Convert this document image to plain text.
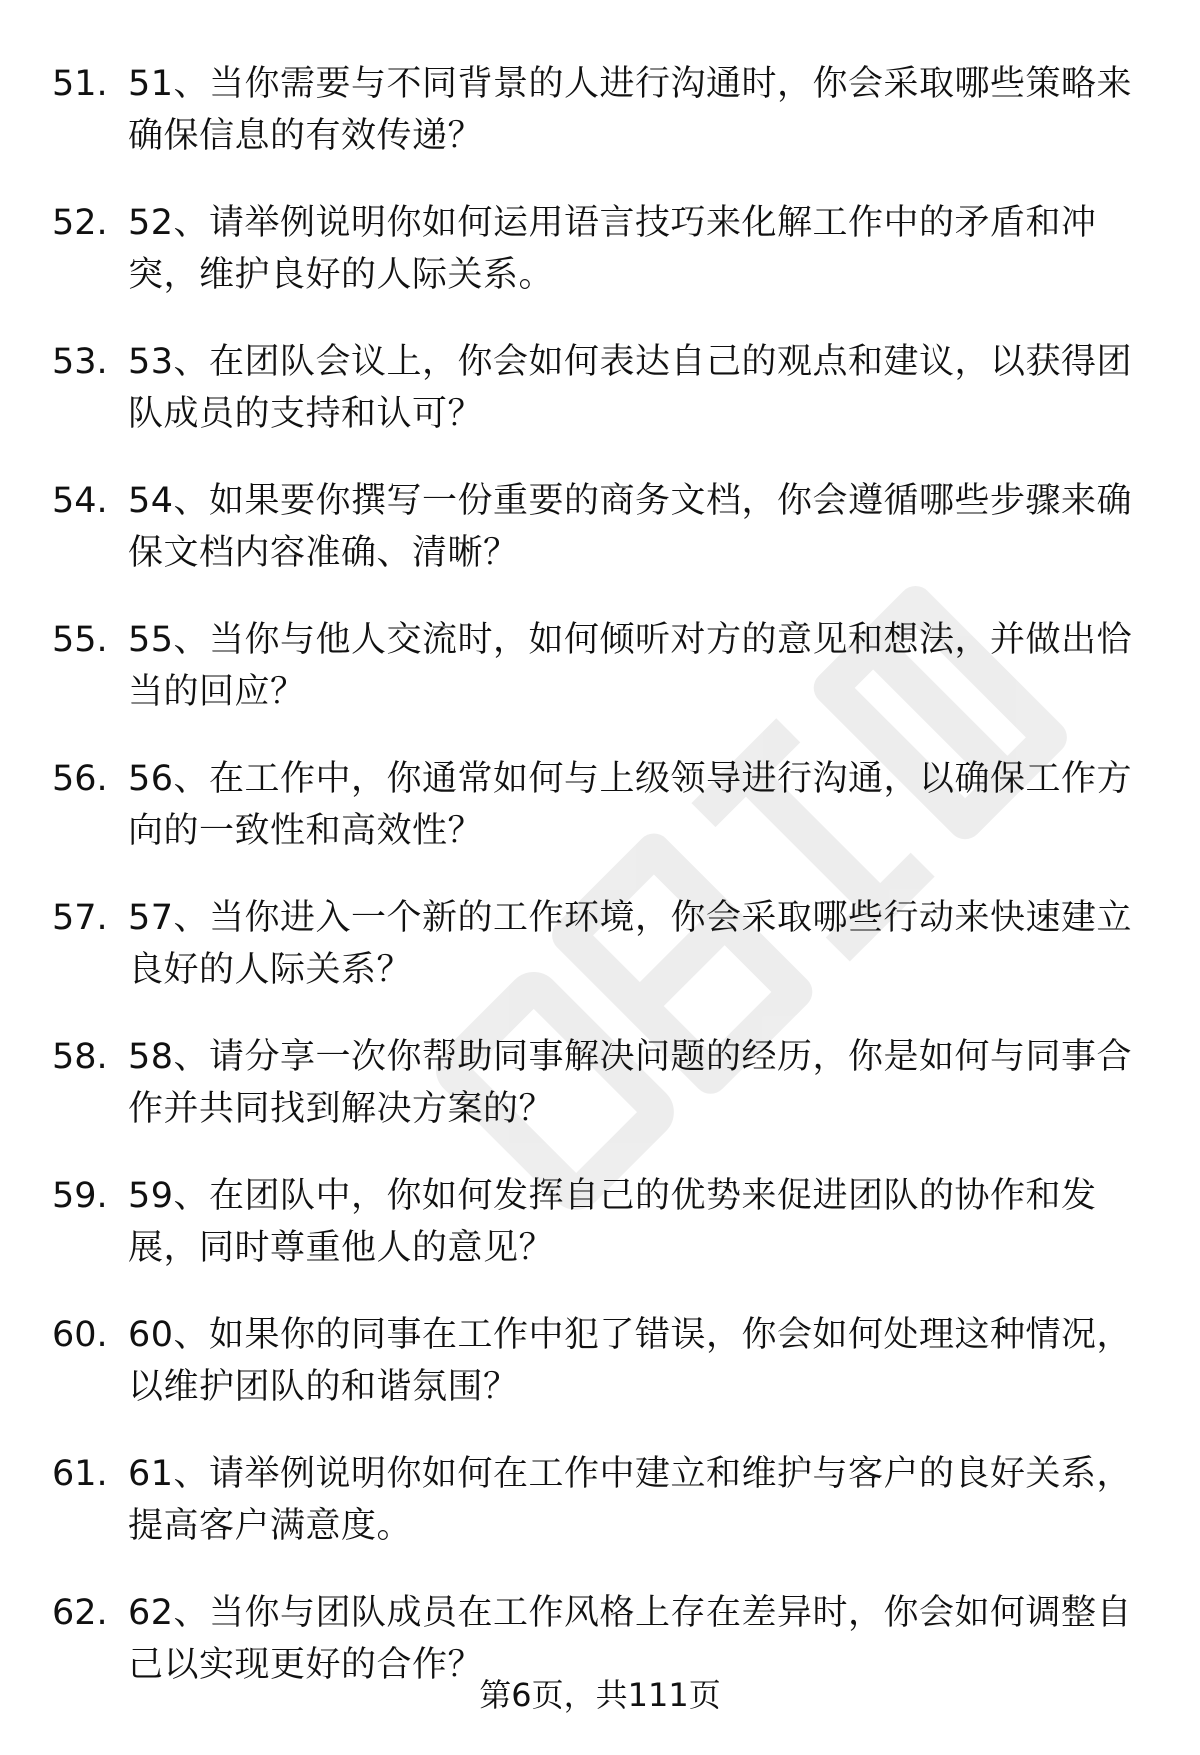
51. 51、当你需要与不同背景的人进行沟通时，你会采取哪些策略来确保信息的有效传递？
52. 52、请举例说明你如何运用语言技巧来化解工作中的矛盾和冲突，维护良好的人际关系。
53. 53、在团队会议上，你会如何表达自己的观点和建议，以获得团队成员的支持和认可？
54. 54、如果要你撰写一份重要的商务文档，你会遵循哪些步骤来确保文档内容准确、清晰？
55. 55、当你与他人交流时，如何倾听对方的意见和想法，并做出恰当的回应？
56. 56、在工作中，你通常如何与上级领导进行沟通，以确保工作方向的一致性和高效性？
57. 57、当你进入一个新的工作环境，你会采取哪些行动来快速建立良好的人际关系？
58. 58、请分享一次你帮助同事解决问题的经历，你是如何与同事合作并共同找到解决方案的？
59. 59、在团队中，你如何发挥自己的优势来促进团队的协作和发展，同时尊重他人的意见？
60. 60、如果你的同事在工作中犯了错误，你会如何处理这种情况，以维护团队的和谐氛围？
61. 61、请举例说明你如何在工作中建立和维护与客户的良好关系，提高客户满意度。
62. 62、当你与团队成员在工作风格上存在差异时，你会如何调整自己以实现更好的合作？
第6页，共111页
